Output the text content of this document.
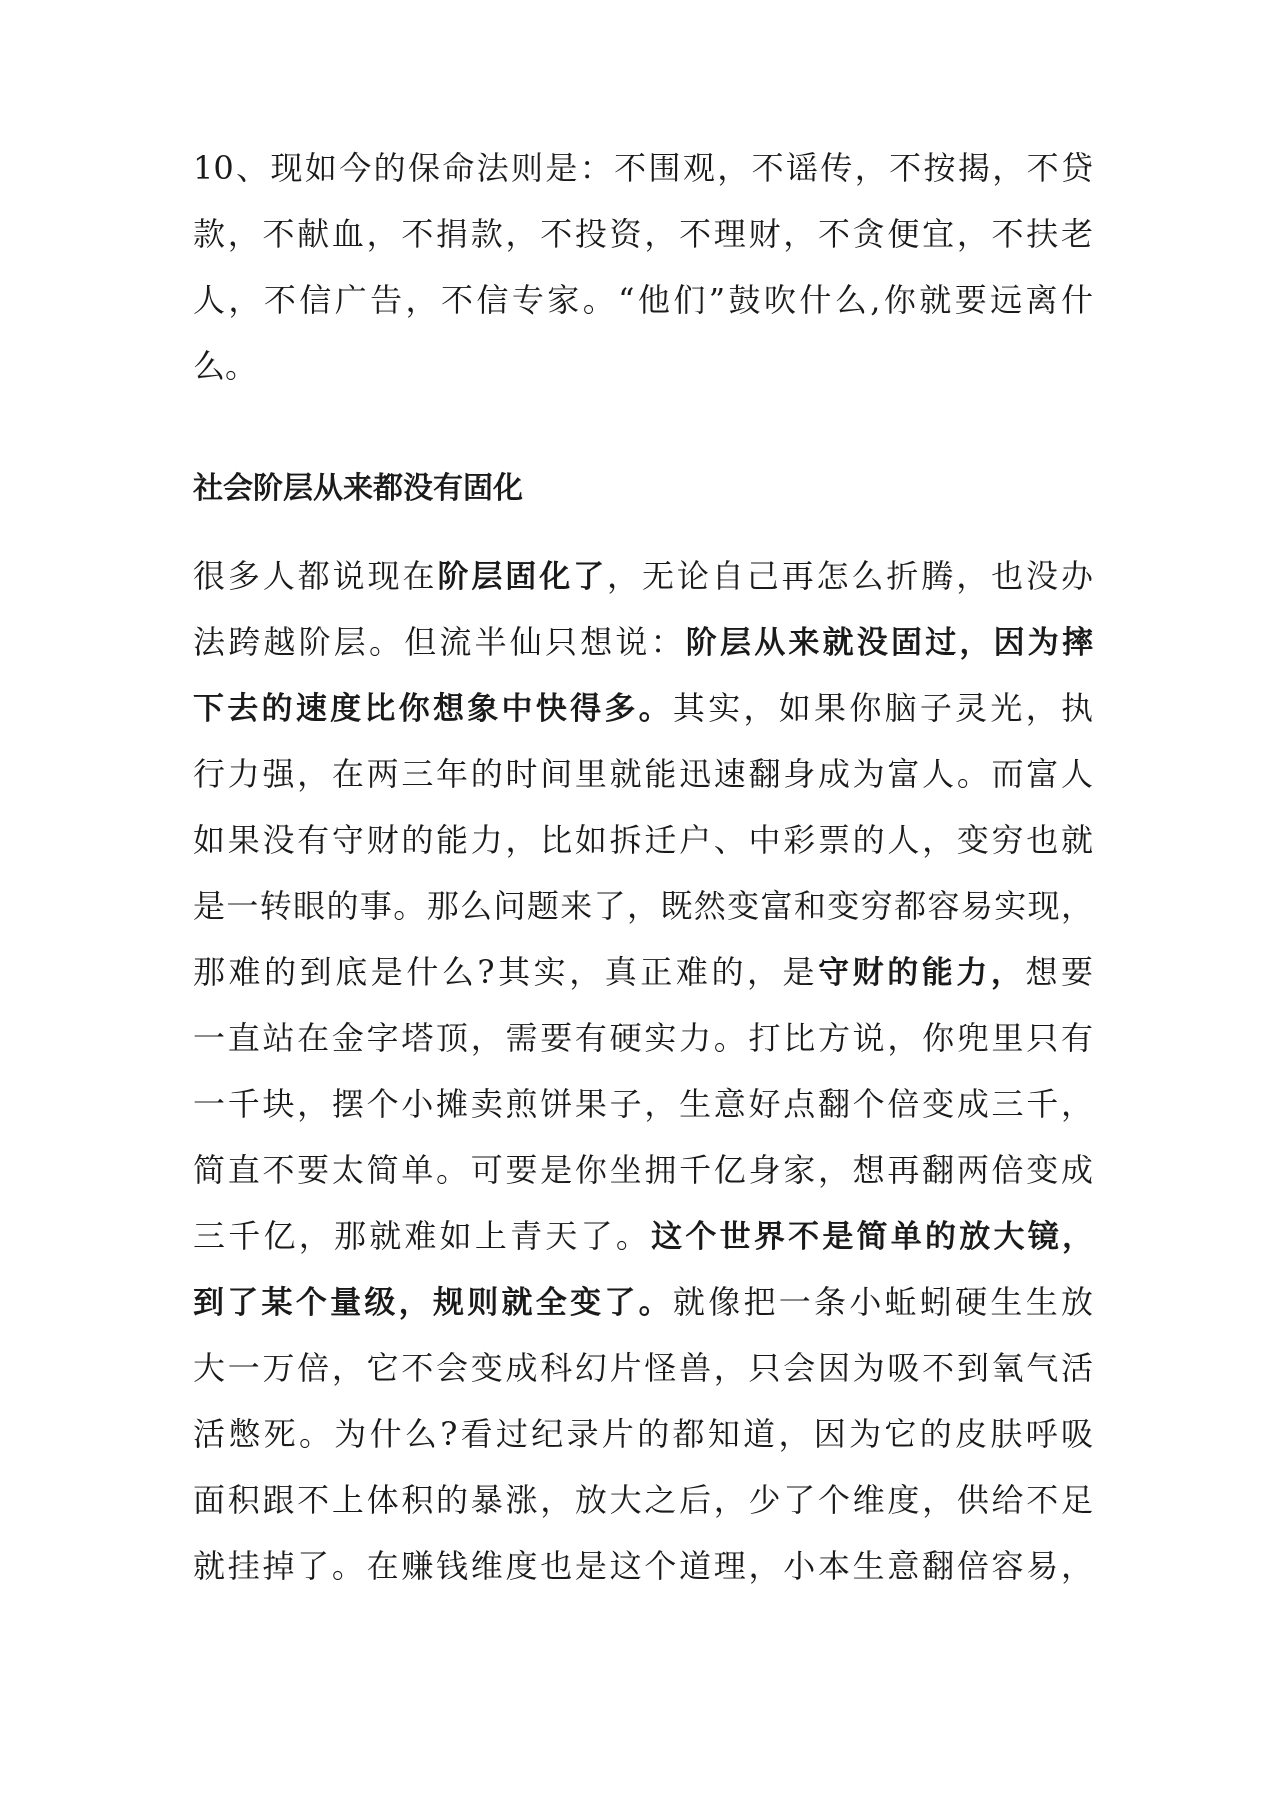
10、现如今的保命法则是：不围观，不谣传，不按揭，不贷
款，不献血，不捐款，不投资，不理财，不贪便宜，不扶老
人，不信广告，不信专家。“他们”鼓吹什么,你就要远离什
么。
社会阶层从来都没有固化
很多人都说现在阶层固化了，无论自己再怎么折腾，也没办
法跨越阶层。但流半仙只想说：阶层从来就没固过，因为摔
下去的速度比你想象中快得多。其实，如果你脑子灵光，执
行力强，在两三年的时间里就能迅速翻身成为富人。而富人
如果没有守财的能力，比如拆迁户、中彩票的人，变穷也就
是一转眼的事。那么问题来了，既然变富和变穷都容易实现，
那难的到底是什么?其实，真正难的，是守财的能力，想要
一直站在金字塔顶，需要有硬实力。打比方说，你兜里只有
一千块，摆个小摊卖煎饼果子，生意好点翻个倍变成三千，
简直不要太简单。可要是你坐拥千亿身家，想再翻两倍变成
三千亿，那就难如上青天了。这个世界不是简单的放大镜，
到了某个量级，规则就全变了。就像把一条小蚯蚓硬生生放
大一万倍，它不会变成科幻片怪兽，只会因为吸不到氧气活
活憋死。为什么?看过纪录片的都知道，因为它的皮肤呼吸
面积跟不上体积的暴涨，放大之后，少了个维度，供给不足
就挂掉了。在赚钱维度也是这个道理，小本生意翻倍容易，
